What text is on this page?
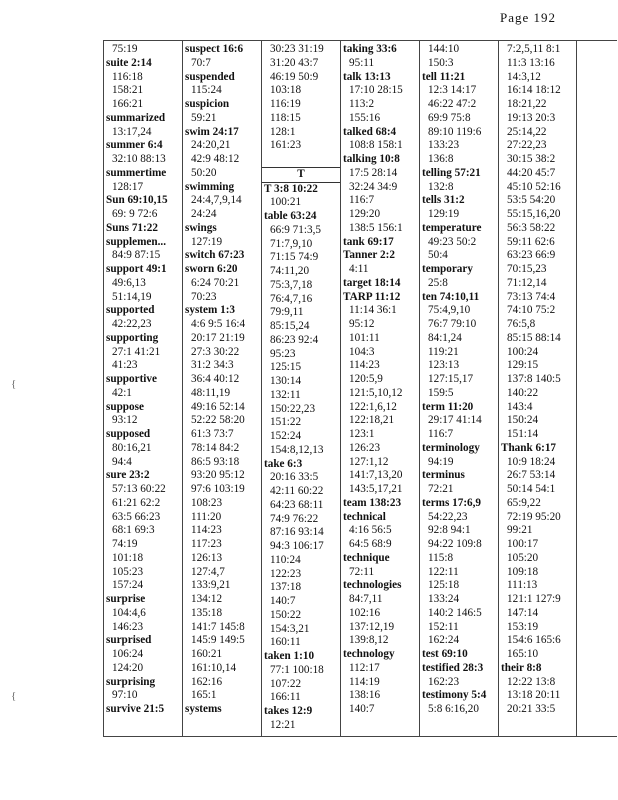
Page 192
{
{
75:19
suite 2:14
116:18
158:21
166:21
summarized
13:17,24
summer 6:4
32:10 88:13
summertime
128:17
Sun 69:10,15
69: 9 72:6
Suns 71:22
supplemen...
84:9 87:15
support 49:1
49:6,13
51:14,19
supported
42:22,23
supporting
27:1 41:21
41:23
supportive
42:1
suppose
93:12
supposed
80:16,21
94:4
sure 23:2
57:13 60:22
61:21 62:2
63:5 66:23
68:1 69:3
74:19
101:18
105:23
157:24
surprise
104:4,6
146:23
surprised
106:24
124:20
surprising
97:10
survive 21:5
suspect 16:6
70:7
suspended
115:24
suspicion
59:21
swim 24:17
24:20,21
42:9 48:12
50:20
swimming
24:4,7,9,14
24:24
swings
127:19
switch 67:23
sworn 6:20
6:24 70:21
70:23
system 1:3
4:6 9:5 16:4
20:17 21:19
27:3 30:22
31:2 34:3
36:4 40:12
48:11,19
49:16 52:14
52:22 58:20
61:3 73:7
78:14 84:2
86:5 93:18
93:20 95:12
97:6 103:19
108:23
111:20
114:23
117:23
126:13
127:4,7
133:9,21
134:12
135:18
141:7 145:8
145:9 149:5
160:21
161:10,14
162:16
165:1
systems
30:23 31:19
31:20 43:7
46:19 50:9
103:18
116:19
118:15
128:1
161:23
T
T 3:8 10:22
100:21
table 63:24
66:9 71:3,5
71:7,9,10
71:15 74:9
74:11,20
75:3,7,18
76:4,7,16
79:9,11
85:15,24
86:23 92:4
95:23
125:15
130:14
132:11
150:22,23
151:22
152:24
154:8,12,13
take 6:3
20:16 33:5
42:11 60:22
64:23 68:11
74:9 76:22
87:16 93:14
94:3 106:17
110:24
122:23
137:18
140:7
150:22
154:3,21
160:11
taken 1:10
77:1 100:18
107:22
166:11
takes 12:9
12:21
taking 33:6
95:11
talk 13:13
17:10 28:15
113:2
155:16
talked 68:4
108:8 158:1
talking 10:8
17:5 28:14
32:24 34:9
116:7
129:20
138:5 156:1
tank 69:17
Tanner 2:2
4:11
target 18:14
TARP 11:12
11:14 36:1
95:12
101:11
104:3
114:23
120:5,9
121:5,10,12
122:1,6,12
122:18,21
123:1
126:23
127:1,12
141:7,13,20
143:5,17,21
team 138:23
technical
4:16 56:5
64:5 68:9
technique
72:11
technologies
84:7,11
102:16
137:12,19
139:8,12
technology
112:17
114:19
138:16
140:7
144:10
150:3
tell 11:21
12:3 14:17
46:22 47:2
69:9 75:8
89:10 119:6
133:23
136:8
telling 57:21
132:8
tells 31:2
129:19
temperature
49:23 50:2
50:4
temporary
25:8
ten 74:10,11
75:4,9,10
76:7 79:10
84:1,24
119:21
123:13
127:15,17
159:5
term 11:20
29:17 41:14
116:7
terminology
94:19
terminus
72:21
terms 17:6,9
54:22,23
92:8 94:1
94:22 109:8
115:8
122:11
125:18
133:24
140:2 146:5
152:11
162:24
test 69:10
testified 28:3
162:23
testimony 5:4
5:8 6:16,20
7:2,5,11 8:1
11:3 13:16
14:3,12
16:14 18:12
18:21,22
19:13 20:3
25:14,22
27:22,23
30:15 38:2
44:20 45:7
45:10 52:16
53:5 54:20
55:15,16,20
56:3 58:22
59:11 62:6
63:23 66:9
70:15,23
71:12,14
73:13 74:4
74:10 75:2
76:5,8
85:15 88:14
100:24
129:15
137:8 140:5
140:22
143:4
150:24
151:14
Thank 6:17
10:9 18:24
26:7 53:14
50:14 54:1
65:9,22
72:19 95:20
99:21
100:17
105:20
109:18
111:13
121:1 127:9
147:14
153:19
154:6 165:6
165:10
their 8:8
12:22 13:8
13:18 20:11
20:21 33:5
